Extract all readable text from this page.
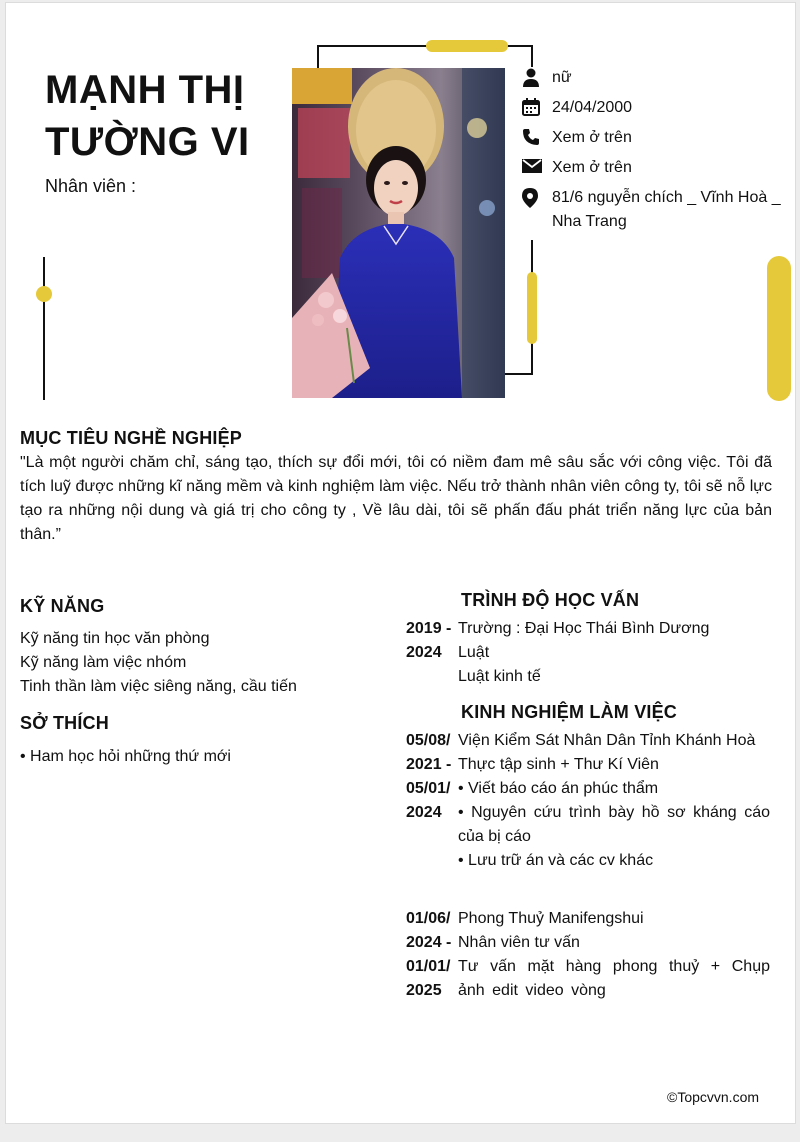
MẠNH THỊ
TƯỜNG VI
Nhân viên :
nữ
24/04/2000
Xem ở trên
Xem ở trên
81/6 nguyễn chích _ Vĩnh Hoà _ Nha Trang
MỤC TIÊU NGHỀ NGHIỆP
"Là một người chăm chỉ, sáng tạo, thích sự đổi mới, tôi có niềm đam mê sâu sắc với công việc. Tôi đã tích luỹ được những kĩ năng mềm và kinh nghiệm làm việc. Nếu trở thành nhân viên công ty, tôi sẽ nỗ lực tạo ra những nội dung và giá trị cho công ty , Về lâu dài, tôi sẽ phấn đấu phát triển năng lực của bản thân.”
KỸ NĂNG
Kỹ năng tin học văn phòng
Kỹ năng làm việc nhóm
Tinh thần làm việc siêng năng, cầu tiến
SỞ THÍCH
• Ham học hỏi những thứ mới
TRÌNH ĐỘ HỌC VẤN
2019 -
2024
Trường : Đại Học Thái Bình Dương
Luật
Luật kinh tế
KINH NGHIỆM LÀM VIỆC
05/08/
2021 -
05/01/
2024
Viện Kiểm Sát Nhân Dân Tỉnh Khánh Hoà
Thực tập sinh + Thư Kí Viên
• Viết báo cáo án phúc thẩm
• Nguyên cứu trình bày hồ sơ kháng cáo của bị cáo
• Lưu trữ án và các cv khác
01/06/
2024 -
01/01/
2025
Phong Thuỷ Manifengshui
Nhân viên tư vấn
Tư vấn mặt hàng phong thuỷ + Chụp ảnh edit video vòng
©Topcvvn.com
